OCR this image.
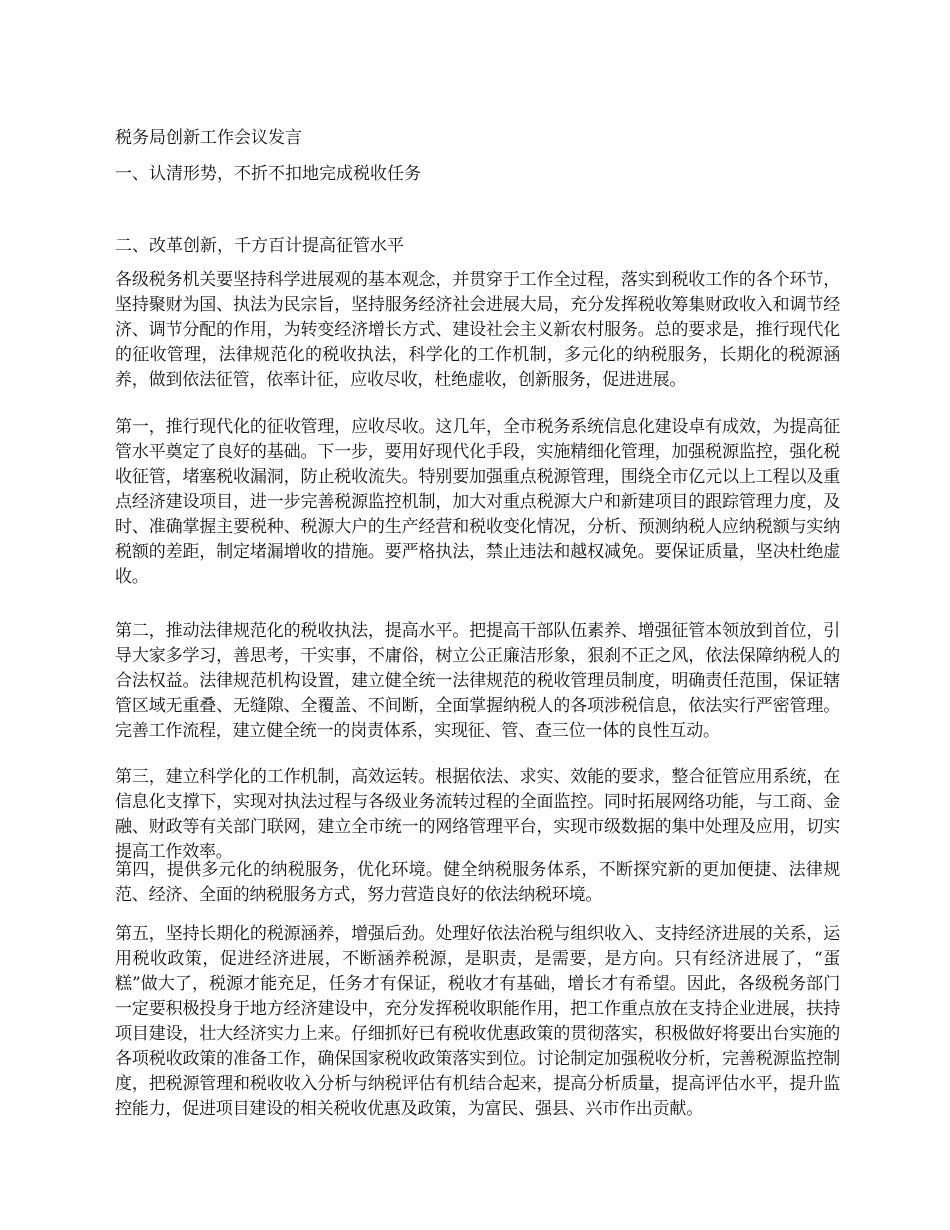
税务局创新工作会议发言
一、认清形势，不折不扣地完成税收任务
二、改革创新，千方百计提高征管水平

各级税务机关要坚持科学进展观的基本观念，并贯穿于工作全过程，落实到税收工作的各个环节，坚持聚财为国、执法为民宗旨，坚持服务经济社会进展大局，充分发挥税收筹集财政收入和调节经济、调节分配的作用，为转变经济增长方式、建设社会主义新农村服务。总的要求是，推行现代化的征收管理，法律规范化的税收执法，科学化的工作机制，多元化的纳税服务，长期化的税源涵养，做到依法征管，依率计征，应收尽收，杜绝虚收，创新服务，促进进展。

第一，推行现代化的征收管理，应收尽收。这几年，全市税务系统信息化建设卓有成效，为提高征管水平奠定了良好的基础。下一步，要用好现代化手段，实施精细化管理，加强税源监控，强化税收征管，堵塞税收漏洞，防止税收流失。特别要加强重点税源管理，围绕全市亿元以上工程以及重点经济建设项目，进一步完善税源监控机制，加大对重点税源大户和新建项目的跟踪管理力度，及时、准确掌握主要税种、税源大户的生产经营和税收变化情况，分析、预测纳税人应纳税额与实纳税额的差距，制定堵漏增收的措施。要严格执法，禁止违法和越权减免。要保证质量，坚决杜绝虚收。

第二，推动法律规范化的税收执法，提高水平。把提高干部队伍素养、增强征管本领放到首位，引导大家多学习，善思考，干实事，不庸俗，树立公正廉洁形象，狠刹不正之风，依法保障纳税人的合法权益。法律规范机构设置，建立健全统一法律规范的税收管理员制度，明确责任范围，保证辖管区域无重叠、无缝隙、全覆盖、不间断，全面掌握纳税人的各项涉税信息，依法实行严密管理。完善工作流程，建立健全统一的岗责体系，实现征、管、查三位一体的良性互动。

第三，建立科学化的工作机制，高效运转。根据依法、求实、效能的要求，整合征管应用系统，在信息化支撑下，实现对执法过程与各级业务流转过程的全面监控。同时拓展网络功能，与工商、金融、财政等有关部门联网，建立全市统一的网络管理平台，实现市级数据的集中处理及应用，切实提高工作效率。

第四，提供多元化的纳税服务，优化环境。健全纳税服务体系，不断探究新的更加便捷、法律规范、经济、全面的纳税服务方式，努力营造良好的依法纳税环境。

第五，坚持长期化的税源涵养，增强后劲。处理好依法治税与组织收入、支持经济进展的关系，运用税收政策，促进经济进展，不断涵养税源，是职责，是需要，是方向。只有经济进展了，“蛋糕”做大了，税源才能充足，任务才有保证，税收才有基础，增长才有希望。因此，各级税务部门一定要积极投身于地方经济建设中，充分发挥税收职能作用，把工作重点放在支持企业进展，扶持项目建设，壮大经济实力上来。仔细抓好已有税收优惠政策的贯彻落实，积极做好将要出台实施的各项税收政策的准备工作，确保国家税收政策落实到位。讨论制定加强税收分析，完善税源监控制度，把税源管理和税收收入分析与纳税评估有机结合起来，提高分析质量，提高评估水平，提升监控能力，促进项目建设的相关税收优惠及政策，为富民、强县、兴市作出贡献。
